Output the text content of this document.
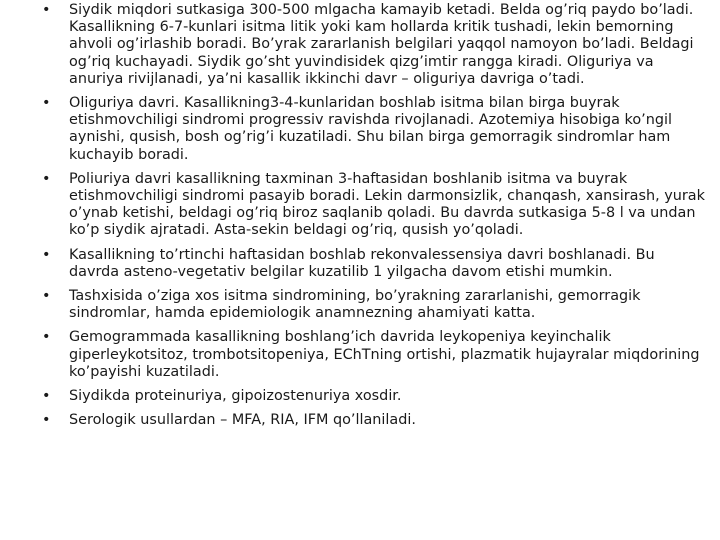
• Siydik miqdori sutkasiga 300-500 mlgacha kamayib ketadi. Belda og’riq paydo bo’ladi. Kasallikning 6-7-kunlari isitma litik yoki kam hollarda kritik tushadi, lekin bemorning ahvoli og’irlashib boradi. Bo’yrak zararlanish belgilari yaqqol namoyon bo’ladi. Beldagi og’riq kuchayadi. Siydik go’sht yuvindisidek qizg’imtir rangga kiradi. Oliguriya va anuriya rivijlanadi, ya’ni kasallik ikkinchi davr – oliguriya davriga o’tadi.
• Oliguriya davri. Kasallikning3-4-kunlaridan boshlab isitma bilan birga buyrak etishmovchiligi sindromi progressiv ravishda rivojlanadi. Azotemiya hisobiga ko’ngil aynishi, qusish, bosh og’rig’i kuzatiladi. Shu bilan birga gemorragik sindromlar ham kuchayib boradi.
• Poliuriya davri kasallikning taxminan 3-haftasidan boshlanib isitma va buyrak etishmovchiligi sindromi pasayib boradi. Lekin darmonsizlik, chanqash, xansirash, yurak o’ynab ketishi, beldagi og’riq biroz saqlanib qoladi. Bu davrda sutkasiga 5-8 l va undan ko’p siydik ajratadi. Asta-sekin beldagi og’riq, qusish yo’qoladi.
• Kasallikning to’rtinchi haftasidan boshlab rekonvalessensiya davri boshlanadi. Bu davrda asteno-vegetativ belgilar kuzatilib 1 yilgacha davom etishi mumkin.
• Tashxisida o’ziga xos isitma sindromining, bo’yrakning zararlanishi, gemorragik sindromlar, hamda epidemiologik anamnezning ahamiyati katta.
• Gemogrammada kasallikning boshlang’ich davrida leykopeniya keyinchalik giperleykotsitoz, trombotsitopeniya, EChTning ortishi, plazmatik hujayralar miqdorining ko’payishi kuzatiladi.
• Siydikda proteinuriya, gipoizostenuriya xosdir.
• Serologik usullardan – MFA, RIA, IFM qo’llaniladi.
